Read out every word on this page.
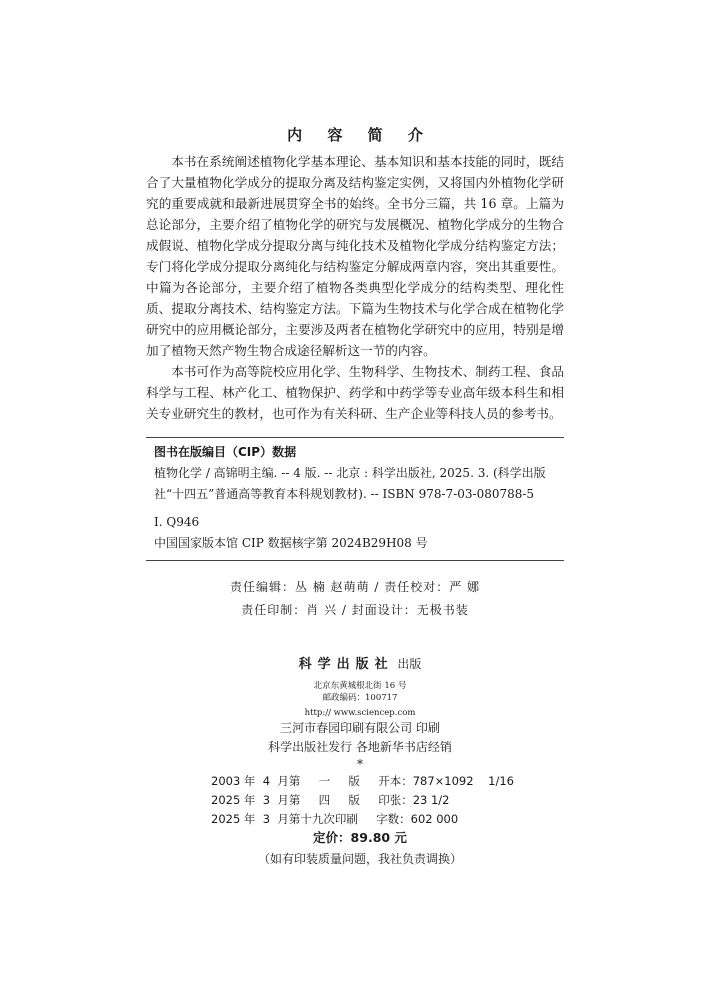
内 容 简 介

本书在系统阐述植物化学基本理论、基本知识和基本技能的同时，既结合了大量植物化学成分的提取分离及结构鉴定实例，又将国内外植物化学研究的重要成就和最新进展贯穿全书的始终。全书分三篇，共 16 章。上篇为总论部分，主要介绍了植物化学的研究与发展概况、植物化学成分的生物合成假说、植物化学成分提取分离与纯化技术及植物化学成分结构鉴定方法；专门将化学成分提取分离纯化与结构鉴定分解成两章内容，突出其重要性。中篇为各论部分，主要介绍了植物各类典型化学成分的结构类型、理化性质、提取分离技术、结构鉴定方法。下篇为生物技术与化学合成在植物化学研究中的应用概论部分，主要涉及两者在植物化学研究中的应用，特别是增加了植物天然产物生物合成途径解析这一节的内容。

本书可作为高等院校应用化学、生物科学、生物技术、制药工程、食品科学与工程、林产化工、植物保护、药学和中药学等专业高年级本科生和相关专业研究生的教材，也可作为有关科研、生产企业等科技人员的参考书。

图书在版编目（CIP）数据
植物化学 / 高锦明主编. -- 4 版. -- 北京 : 科学出版社, 2025. 3. (科学出版社“十四五”普通高等教育本科规划教材). -- ISBN 978-7-03-080788-5
I. Q946
中国国家版本馆 CIP 数据核字第 2024B29H08 号
责任编辑：丛 楠 赵萌萌 / 责任校对：严 娜
责任印制：肖 兴 / 封面设计：无极书装
科学出版社 出版
北京东黄城根北街 16 号
邮政编码：100717
http:// www.sciencep.com
三河市春园印刷有限公司 印刷
科学出版社发行 各地新华书店经销
*
2003 年  4  月第     一     版     开本：787×1092    1/16
2025 年  3  月第     四     版     印张：23 1/2
2025 年  3  月第十九次印刷     字数：602 000
定价：89.80 元
（如有印装质量问题，我社负责调换）
